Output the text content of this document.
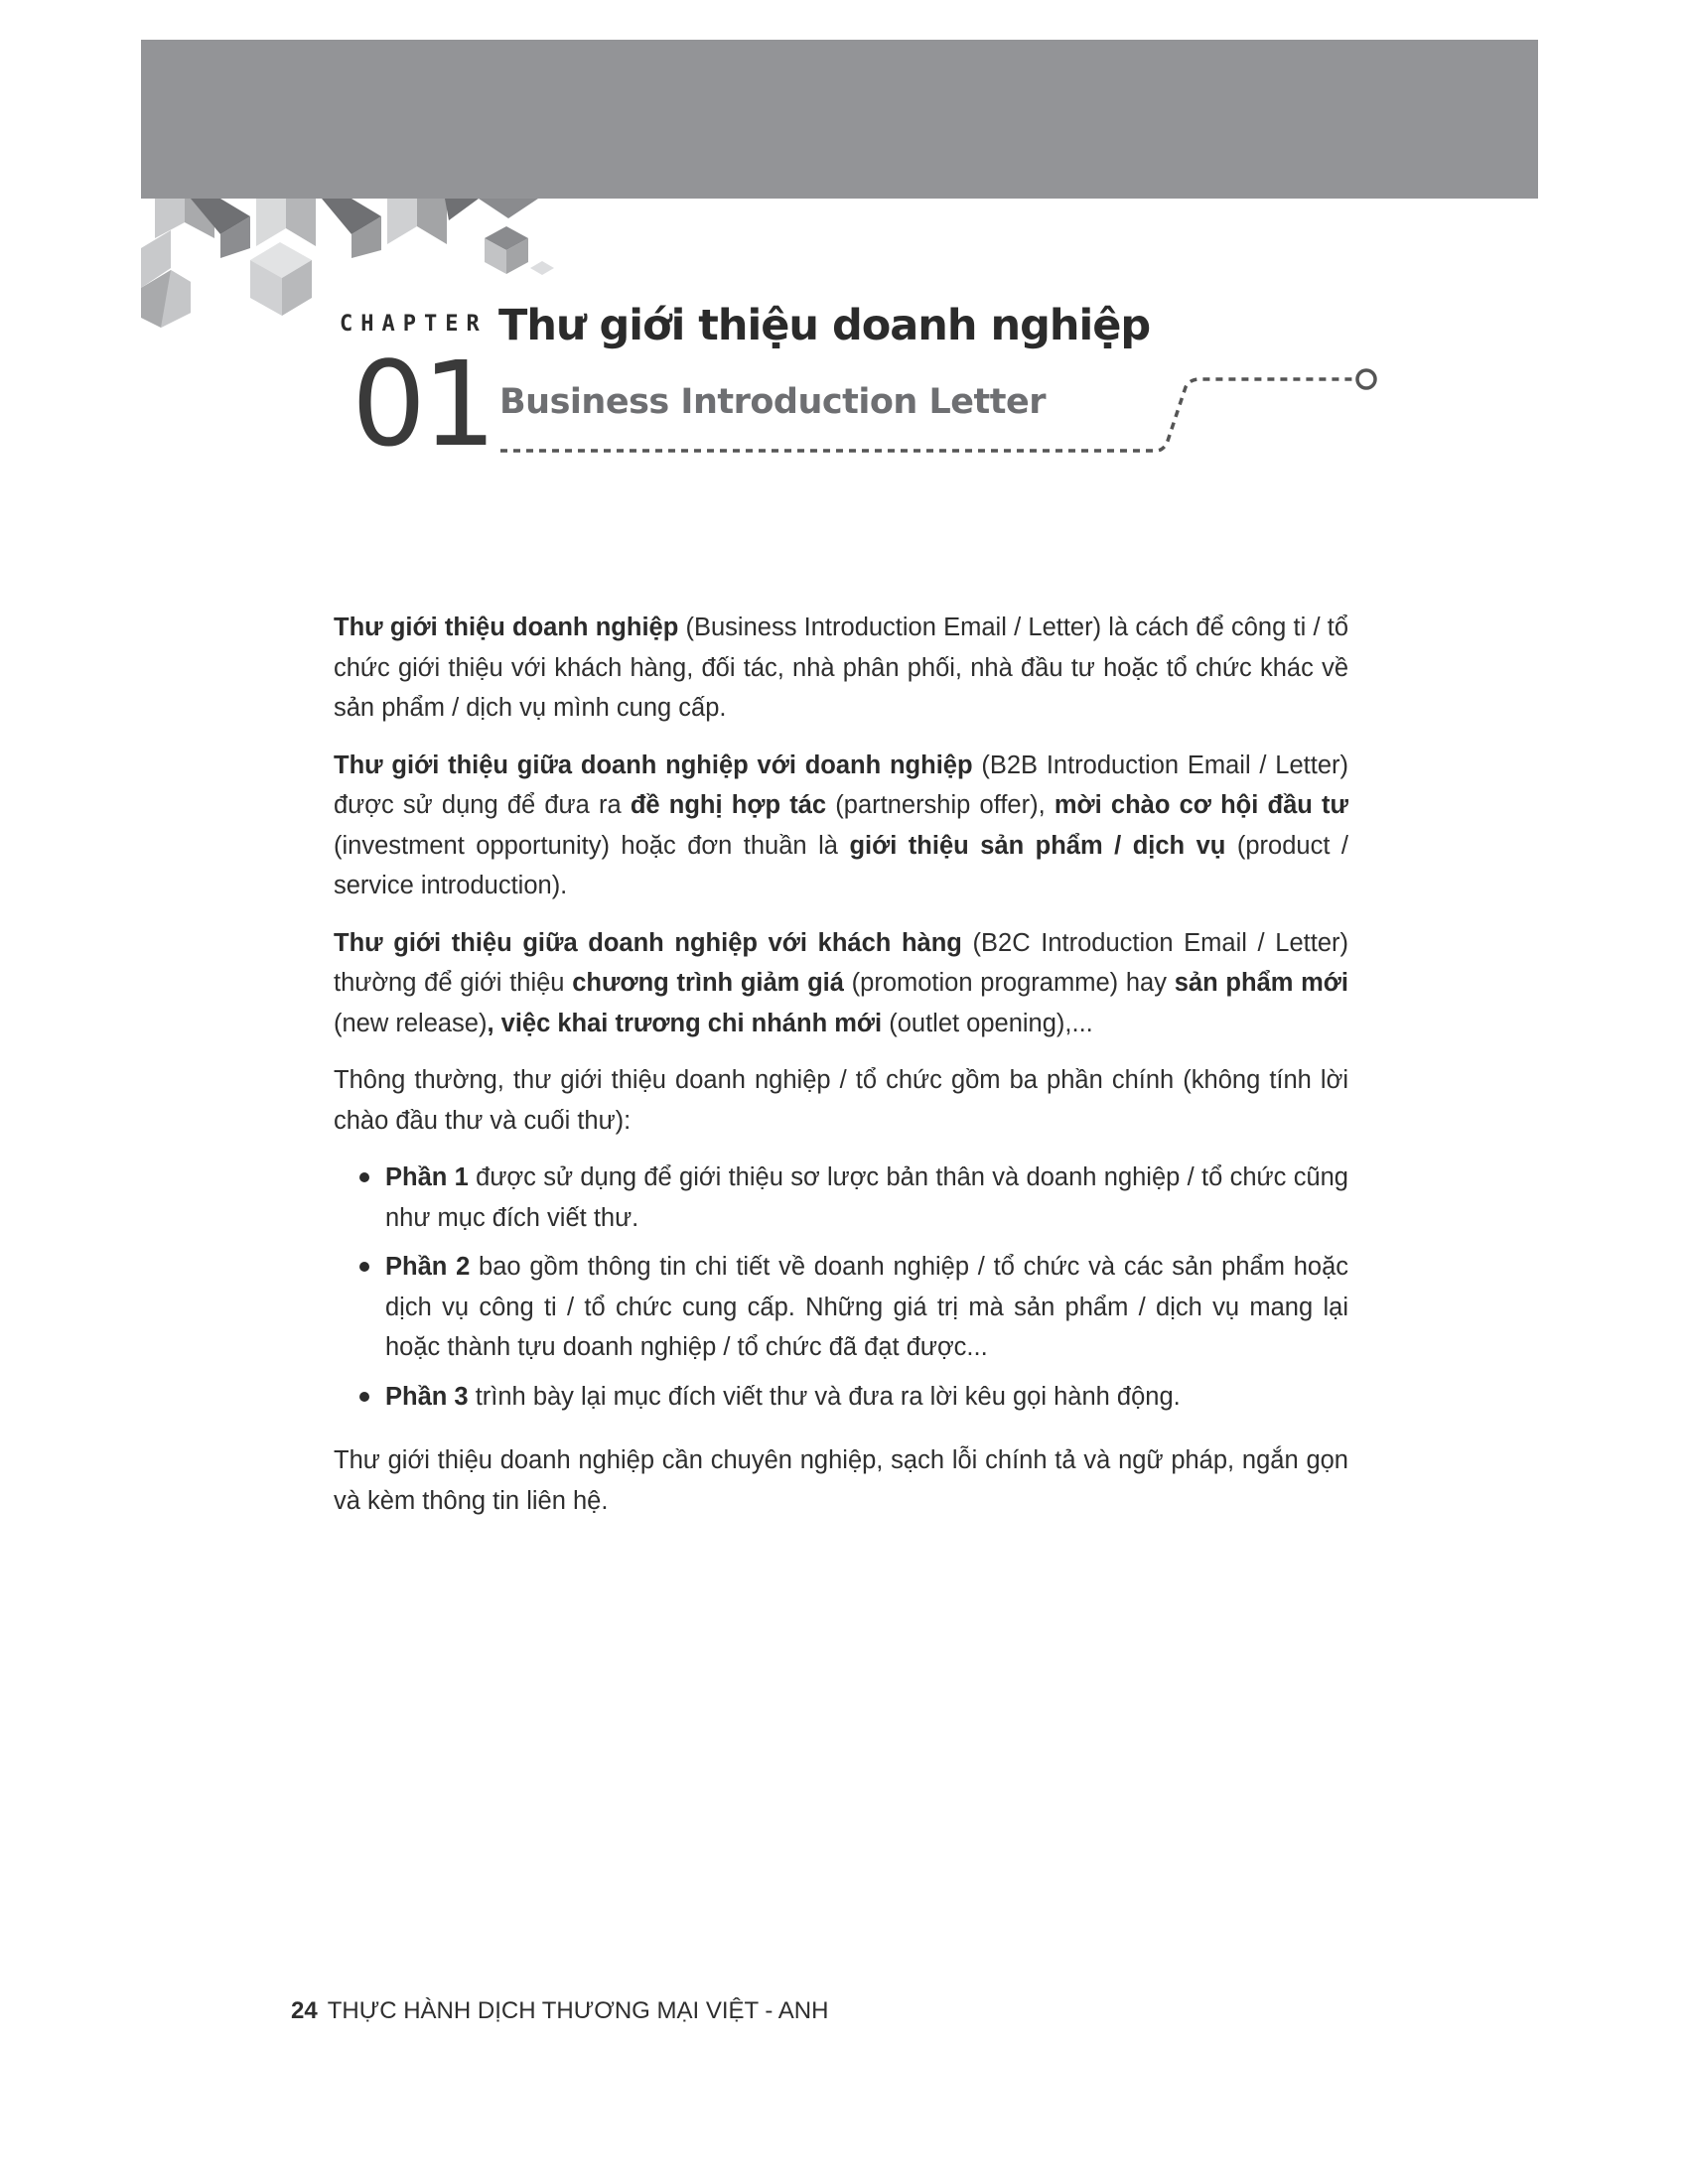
CHAPTER
01
Thư giới thiệu doanh nghiệp
Business Introduction Letter

Thư giới thiệu doanh nghiệp (Business Introduction Email / Letter) là cách để công ti / tổ chức giới thiệu với khách hàng, đối tác, nhà phân phối, nhà đầu tư hoặc tổ chức khác về sản phẩm / dịch vụ mình cung cấp.

Thư giới thiệu giữa doanh nghiệp với doanh nghiệp (B2B Introduction Email / Letter) được sử dụng để đưa ra đề nghị hợp tác (partnership offer), mời chào cơ hội đầu tư (investment opportunity) hoặc đơn thuần là giới thiệu sản phẩm / dịch vụ (product / service introduction).

Thư giới thiệu giữa doanh nghiệp với khách hàng (B2C Introduction Email / Letter) thường để giới thiệu chương trình giảm giá (promotion programme) hay sản phẩm mới (new release), việc khai trương chi nhánh mới (outlet opening),...

Thông thường, thư giới thiệu doanh nghiệp / tổ chức gồm ba phần chính (không tính lời chào đầu thư và cuối thư):

Phần 1 được sử dụng để giới thiệu sơ lược bản thân và doanh nghiệp / tổ chức cũng như mục đích viết thư.
Phần 2 bao gồm thông tin chi tiết về doanh nghiệp / tổ chức và các sản phẩm hoặc dịch vụ công ti / tổ chức cung cấp. Những giá trị mà sản phẩm / dịch vụ mang lại hoặc thành tựu doanh nghiệp / tổ chức đã đạt được...
Phần 3 trình bày lại mục đích viết thư và đưa ra lời kêu gọi hành động.

Thư giới thiệu doanh nghiệp cần chuyên nghiệp, sạch lỗi chính tả và ngữ pháp, ngắn gọn và kèm thông tin liên hệ.

24 THỰC HÀNH DỊCH THƯƠNG MẠI VIỆT - ANH
